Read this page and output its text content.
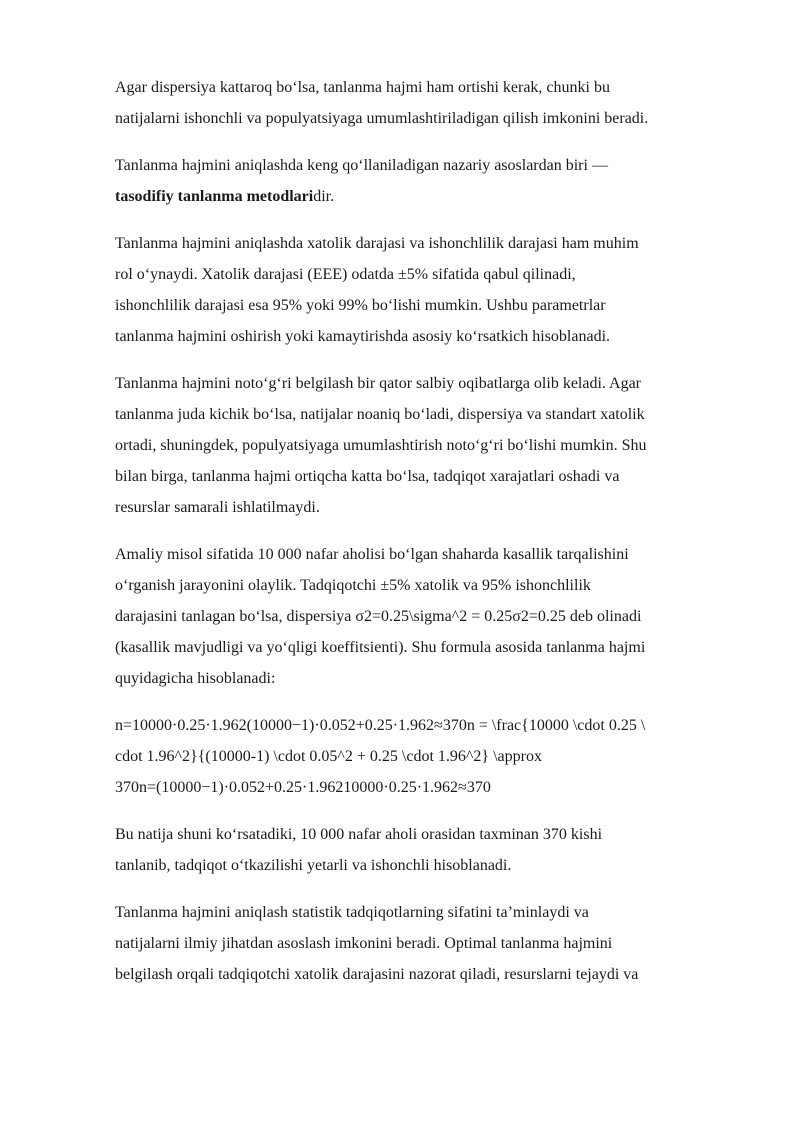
Agar dispersiya kattaroq bo‘lsa, tanlanma hajmi ham ortishi kerak, chunki bu
natijalarni ishonchli va populyatsiyaga umumlashtiriladigan qilish imkonini beradi.

Tanlanma hajmini aniqlashda keng qo‘llaniladigan nazariy asoslardan biri —
tasodifiy tanlanma metodlaridir.

Tanlanma hajmini aniqlashda xatolik darajasi va ishonchlilik darajasi ham muhim
rol o‘ynaydi. Xatolik darajasi (EEE) odatda ±5% sifatida qabul qilinadi,
ishonchlilik darajasi esa 95% yoki 99% bo‘lishi mumkin. Ushbu parametrlar
tanlanma hajmini oshirish yoki kamaytirishda asosiy ko‘rsatkich hisoblanadi.

Tanlanma hajmini noto‘g‘ri belgilash bir qator salbiy oqibatlarga olib keladi. Agar
tanlanma juda kichik bo‘lsa, natijalar noaniq bo‘ladi, dispersiya va standart xatolik
ortadi, shuningdek, populyatsiyaga umumlashtirish noto‘g‘ri bo‘lishi mumkin. Shu
bilan birga, tanlanma hajmi ortiqcha katta bo‘lsa, tadqiqot xarajatlari oshadi va
resurslar samarali ishlatilmaydi.

Amaliy misol sifatida 10 000 nafar aholisi bo‘lgan shaharda kasallik tarqalishini
o‘rganish jarayonini olaylik. Tadqiqotchi ±5% xatolik va 95% ishonchlilik
darajasini tanlagan bo‘lsa, dispersiya σ2=0.25\sigma^2 = 0.25σ2=0.25 deb olinadi
(kasallik mavjudligi va yo‘qligi koeffitsienti). Shu formula asosida tanlanma hajmi
quyidagicha hisoblanadi:

n=10000·0.25·1.962(10000−1)·0.052+0.25·1.962≈370n = \frac{10000 \cdot 0.25 \
cdot 1.96^2}{(10000-1) \cdot 0.05^2 + 0.25 \cdot 1.96^2} \approx
370n=(10000−1)·0.052+0.25·1.96210000·0.25·1.962≈370

Bu natija shuni ko‘rsatadiki, 10 000 nafar aholi orasidan taxminan 370 kishi
tanlanib, tadqiqot o‘tkazilishi yetarli va ishonchli hisoblanadi.

Tanlanma hajmini aniqlash statistik tadqiqotlarning sifatini ta’minlaydi va
natijalarni ilmiy jihatdan asoslash imkonini beradi. Optimal tanlanma hajmini
belgilash orqali tadqiqotchi xatolik darajasini nazorat qiladi, resurslarni tejaydi va
